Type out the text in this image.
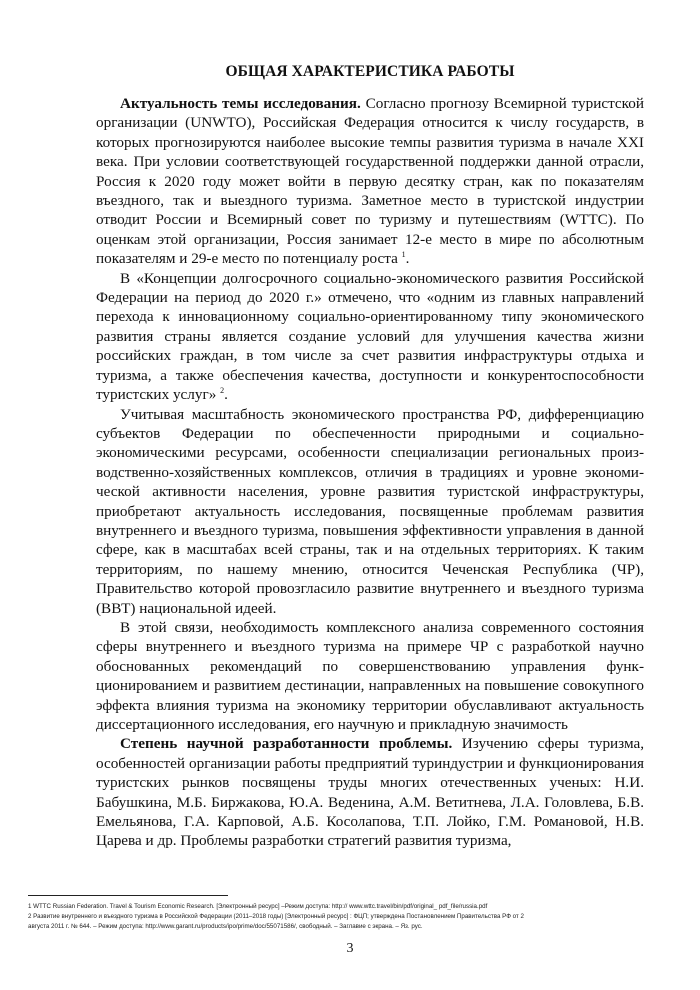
ОБЩАЯ ХАРАКТЕРИСТИКА РАБОТЫ

Актуальность темы исследования. Согласно прогнозу Всемирной туристской организации (UNWTO), Российская Федерация относится к числу государств, в которых прогнозируются наиболее высокие темпы развития туризма в начале XXI века. При условии соответствующей государственной поддержки данной отрасли, Россия к 2020 году может войти в первую десятку стран, как по показателям въездного, так и выездного туризма. Заметное место в туристской индустрии отводит России и Всемирный совет по туризму и путешествиям (WTTC). По оценкам этой организации, Россия занимает 12-е место в мире по абсолютным показателям и 29-е место по потенциалу роста $^1$.

В «Концепции долгосрочного социально-экономического развития Российской Федерации на период до 2020 г.» отмечено, что «одним из главных направлений перехода к инновационному социально-ориентированному типу экономического развития страны является создание условий для улучшения качества жизни российских граждан, в том числе за счет развития инфраструктуры отдыха и туризма, а также обеспечения качества, доступности и конкурентоспособности туристских услуг» $^2$.

Учитывая масштабность экономического пространства РФ, дифференциацию субъектов Федерации по обеспеченности природными и социально-экономическими ресурсами, особенности специализации региональных производственно-хозяйственных комплексов, отличия в традициях и уровне экономической активности населения, уровне развития туристской инфраструктуры, приобретают актуальность исследования, посвященные проблемам развития внутреннего и въездного туризма, повышения эффективности управления в данной сфере, как в масштабах всей страны, так и на отдельных территориях. К таким территориям, по нашему мнению, относится Чеченская Республика (ЧР), Правительство которой провозгласило развитие внутреннего и въездного туризма (ВВТ) национальной идеей.

В этой связи, необходимость комплексного анализа современного состояния сферы внутреннего и въездного туризма на примере ЧР с разработкой научно обоснованных рекомендаций по совершенствованию управления функционированием и развитием дестинации, направленных на повышение совокупного эффекта влияния туризма на экономику территории обуславливают актуальность диссертационного исследования, его научную и прикладную значимость

Степень научной разработанности проблемы. Изучению сферы туризма, особенностей организации работы предприятий туриндустрии и функционирования туристских рынков посвящены труды многих отечественных ученых: Н.И. Бабушкина, М.Б. Биржакова, Ю.А. Веденина, А.М. Ветитнева, Л.А. Головлева, Б.В. Емельянова, Г.А. Карповой, А.Б. Косолапова, Т.П. Лойко, Г.М. Романовой, Н.В. Царева и др. Проблемы разработки стратегий развития туризма,

1 WTTC Russian Federation. Travel & Tourism Economic Research. [Электронный ресурс] –Режим доступа: http:// www.wttc.travel/bin/pdf/original_ pdf_file/russia.pdf

2 Развитие внутреннего и въездного туризма в Российской Федерации (2011–2018 годы) [Электронный ресурс] : ФЦП; утверждена Постановлением Правительства РФ от 2

августа 2011 г. № 644. – Режим доступа: http://www.garant.ru/products/ipo/prime/doc/55071586/, свободный. – Заглавие с экрана. – Яз. рус.

3
